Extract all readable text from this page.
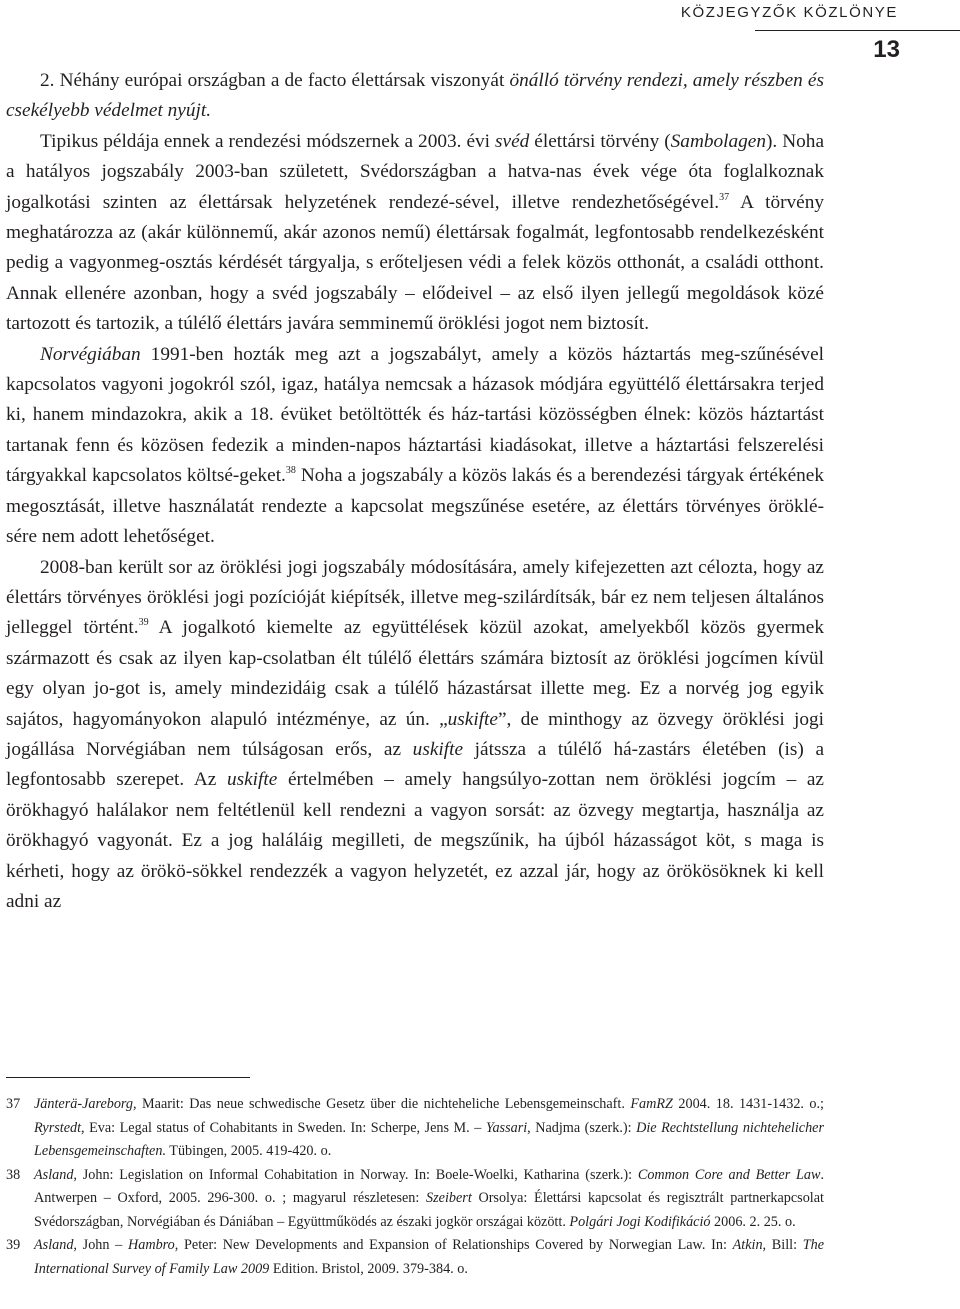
KÖZJEGYZŐK KÖZLÖNYE
13

2. Néhány európai országban a de facto élettársak viszonyát önálló törvény rendezi, amely részben és csekélyebb védelmet nyújt.

Tipikus példája ennek a rendezési módszernek a 2003. évi svéd élettársi törvény (Sambolagen). Noha a hatályos jogszabály 2003-ban született, Svédországban a hatva-nas évek vége óta foglalkoznak jogalkotási szinten az élettársak helyzetének rendezé-sével, illetve rendezhetőségével.$^{37}$ A törvény meghatározza az (akár különnemű, akár azonos nemű) élettársak fogalmát, legfontosabb rendelkezésként pedig a vagyonmeg-osztás kérdését tárgyalja, s erőteljesen védi a felek közös otthonát, a családi otthont. Annak ellenére azonban, hogy a svéd jogszabály – elődeivel – az első ilyen jellegű megoldások közé tartozott és tartozik, a túlélő élettárs javára semminemű öröklési jogot nem biztosít.

Norvégiában 1991-ben hozták meg azt a jogszabályt, amely a közös háztartás meg-szűnésével kapcsolatos vagyoni jogokról szól, igaz, hatálya nemcsak a házasok módjára együttélő élettársakra terjed ki, hanem mindazokra, akik a 18. évüket betöltötték és ház-tartási közösségben élnek: közös háztartást tartanak fenn és közösen fedezik a minden-napos háztartási kiadásokat, illetve a háztartási felszerelési tárgyakkal kapcsolatos költsé-geket.$^{38}$ Noha a jogszabály a közös lakás és a berendezési tárgyak értékének megosztását, illetve használatát rendezte a kapcsolat megszűnése esetére, az élettárs törvényes öröklé-sére nem adott lehetőséget.

2008-ban került sor az öröklési jogi jogszabály módosítására, amely kifejezetten azt célozta, hogy az élettárs törvényes öröklési jogi pozícióját kiépítsék, illetve meg-szilárdítsák, bár ez nem teljesen általános jelleggel történt.$^{39}$ A jogalkotó kiemelte az együttélések közül azokat, amelyekből közös gyermek származott és csak az ilyen kap-csolatban élt túlélő élettárs számára biztosít az öröklési jogcímen kívül egy olyan jo-got is, amely mindezidáig csak a túlélő házastársat illette meg. Ez a norvég jog egyik sajátos, hagyományokon alapuló intézménye, az ún. „uskifte”, de minthogy az özvegy öröklési jogi jogállása Norvégiában nem túlságosan erős, az uskifte játssza a túlélő há-zastárs életében (is) a legfontosabb szerepet. Az uskifte értelmében – amely hangsúlyo-zottan nem öröklési jogcím – az örökhagyó halálakor nem feltétlenül kell rendezni a vagyon sorsát: az özvegy megtartja, használja az örökhagyó vagyonát. Ez a jog haláláig megilleti, de megszűnik, ha újból házasságot köt, s maga is kérheti, hogy az örökö-sökkel rendezzék a vagyon helyzetét, ez azzal jár, hogy az örökösöknek ki kell adni az

37 Jänterä-Jareborg, Maarit: Das neue schwedische Gesetz über die nichteheliche Lebensgemeinschaft. FamRZ 2004. 18. 1431-1432. o.; Ryrstedt, Eva: Legal status of Cohabitants in Sweden. In: Scherpe, Jens M. – Yassari, Nadjma (szerk.): Die Rechtstellung nichtehelicher Lebensgemeinschaften. Tübingen, 2005. 419-420. o.

38 Asland, John: Legislation on Informal Cohabitation in Norway. In: Boele-Woelki, Katharina (szerk.): Common Core and Better Law. Antwerpen – Oxford, 2005. 296-300. o. ; magyarul részletesen: Szeibert Orsolya: Élettársi kapcsolat és regisztrált partnerkapcsolat Svédországban, Norvégiában és Dániában – Együttműködés az északi jogkör országai között. Polgári Jogi Kodifikáció 2006. 2. 25. o.

39 Asland, John – Hambro, Peter: New Developments and Expansion of Relationships Covered by Norwegian Law. In: Atkin, Bill: The International Survey of Family Law 2009 Edition. Bristol, 2009. 379-384. o.
